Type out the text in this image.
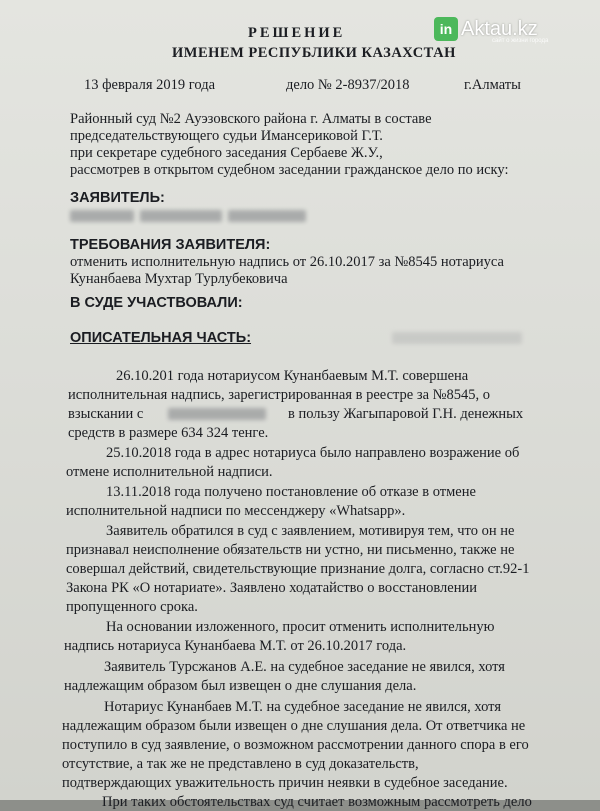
in Aktau.kz
сайт о жизни города
РЕШЕНИЕ
ИМЕНЕМ РЕСПУБЛИКИ КАЗАХСТАН
13 февраля 2019 года	дело № 2-8937/2018	г.Алматы
Районный суд №2 Ауэзовского района г. Алматы в составе
председательствующего судьи Имансериковой Г.Т.
при секретаре судебного заседания Сербаеве Ж.У.,
рассмотрев в открытом судебном заседании гражданское дело по иску:
ЗАЯВИТЕЛЬ:
ТРЕБОВАНИЯ ЗАЯВИТЕЛЯ:
отменить исполнительную надпись от 26.10.2017 за №8545 нотариуса
Кунанбаева Мухтар Турлубековича
В СУДЕ УЧАСТВОВАЛИ:
ОПИСАТЕЛЬНАЯ ЧАСТЬ:
26.10.201 года нотариусом Кунанбаевым М.Т. совершена
исполнительная надпись, зарегистрированная в реестре за №8545, о
взыскании с	в пользу Жагыпаровой Г.Н. денежных
средств в размере 634 324 тенге.
25.10.2018 года в адрес нотариуса было направлено возражение об
отмене исполнительной надписи.
13.11.2018 года получено постановление об отказе в отмене
исполнительной надписи по мессенджеру «Whatsapp».
Заявитель обратился в суд с заявлением, мотивируя тем, что он не
признавал неисполнение обязательств ни устно, ни письменно, также не
совершал действий, свидетельствующие признание долга, согласно ст.92-1
Закона РК «О нотариате». Заявлено ходатайство о восстановлении
пропущенного срока.
На основании изложенного, просит отменить исполнительную
надпись нотариуса Кунанбаева М.Т. от 26.10.2017 года.
Заявитель Турсжанов А.Е. на судебное заседание не явился, хотя
надлежащим образом был извещен о дне слушания дела.
Нотариус Кунанбаев М.Т. на судебное заседание не явился, хотя
надлежащим образом были извещен о дне слушания дела. От ответчика не
поступило в суд заявление, о возможном рассмотрении данного спора в его
отсутствие, а так же не представлено в суд доказательств,
подтверждающих уважительность причин неявки в судебное заседание.
При таких обстоятельствах суд считает возможным рассмотреть дело
